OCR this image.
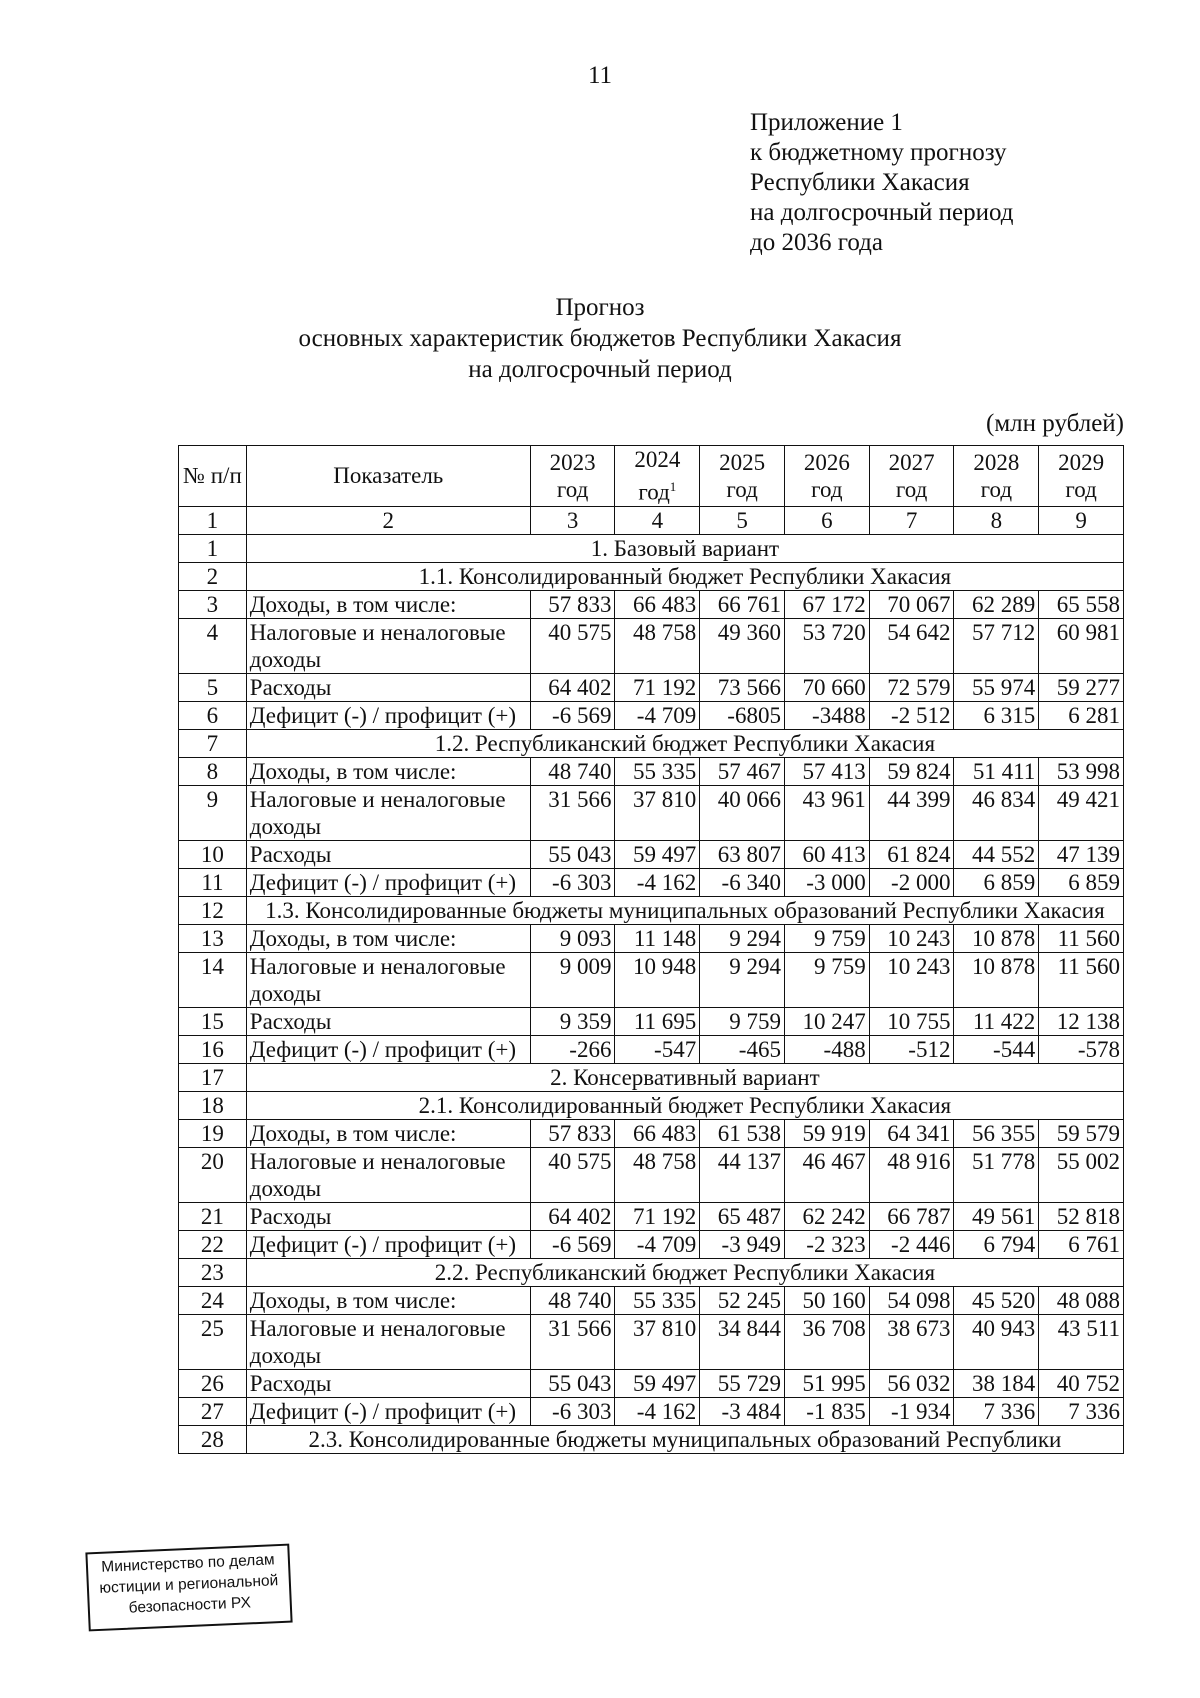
11
Приложение 1
к бюджетному прогнозу
Республики Хакасия
на долгосрочный период
до 2036 года
Прогноз
основных характеристик бюджетов Республики Хакасия
на долгосрочный период
(млн рублей)
№ п/п	Показатель	2023 год	2024 год$^1$	2025 год	2026 год	2027 год	2028 год	2029 год
1	2	3	4	5	6	7	8	9
1	1. Базовый вариант							
2	1.1. Консолидированный бюджет Республики Хакасия							
3	Доходы, в том числе:	57 833	66 483	66 761	67 172	70 067	62 289	65 558
4	Налоговые и неналоговые доходы	40 575	48 758	49 360	53 720	54 642	57 712	60 981
5	Расходы	64 402	71 192	73 566	70 660	72 579	55 974	59 277
6	Дефицит (-) / профицит (+)	-6 569	-4 709	-6805	-3488	-2 512	6 315	6 281
7	1.2. Республиканский бюджет Республики Хакасия							
8	Доходы, в том числе:	48 740	55 335	57 467	57 413	59 824	51 411	53 998
9	Налоговые и неналоговые доходы	31 566	37 810	40 066	43 961	44 399	46 834	49 421
10	Расходы	55 043	59 497	63 807	60 413	61 824	44 552	47 139
11	Дефицит (-) / профицит (+)	-6 303	-4 162	-6 340	-3 000	-2 000	6 859	6 859
12	1.3. Консолидированные бюджеты муниципальных образований Республики Хакасия							
13	Доходы, в том числе:	9 093	11 148	9 294	9 759	10 243	10 878	11 560
14	Налоговые и неналоговые доходы	9 009	10 948	9 294	9 759	10 243	10 878	11 560
15	Расходы	9 359	11 695	9 759	10 247	10 755	11 422	12 138
16	Дефицит (-) / профицит (+)	-266	-547	-465	-488	-512	-544	-578
17	2. Консервативный вариант							
18	2.1. Консолидированный бюджет Республики Хакасия							
19	Доходы, в том числе:	57 833	66 483	61 538	59 919	64 341	56 355	59 579
20	Налоговые и неналоговые доходы	40 575	48 758	44 137	46 467	48 916	51 778	55 002
21	Расходы	64 402	71 192	65 487	62 242	66 787	49 561	52 818
22	Дефицит (-) / профицит (+)	-6 569	-4 709	-3 949	-2 323	-2 446	6 794	6 761
23	2.2. Республиканский бюджет Республики Хакасия							
24	Доходы, в том числе:	48 740	55 335	52 245	50 160	54 098	45 520	48 088
25	Налоговые и неналоговые доходы	31 566	37 810	34 844	36 708	38 673	40 943	43 511
26	Расходы	55 043	59 497	55 729	51 995	56 032	38 184	40 752
27	Дефицит (-) / профицит (+)	-6 303	-4 162	-3 484	-1 835	-1 934	7 336	7 336
28	2.3. Консолидированные бюджеты муниципальных образований Республики							
Министерство по делам
юстиции и региональной
безопасности РХ
